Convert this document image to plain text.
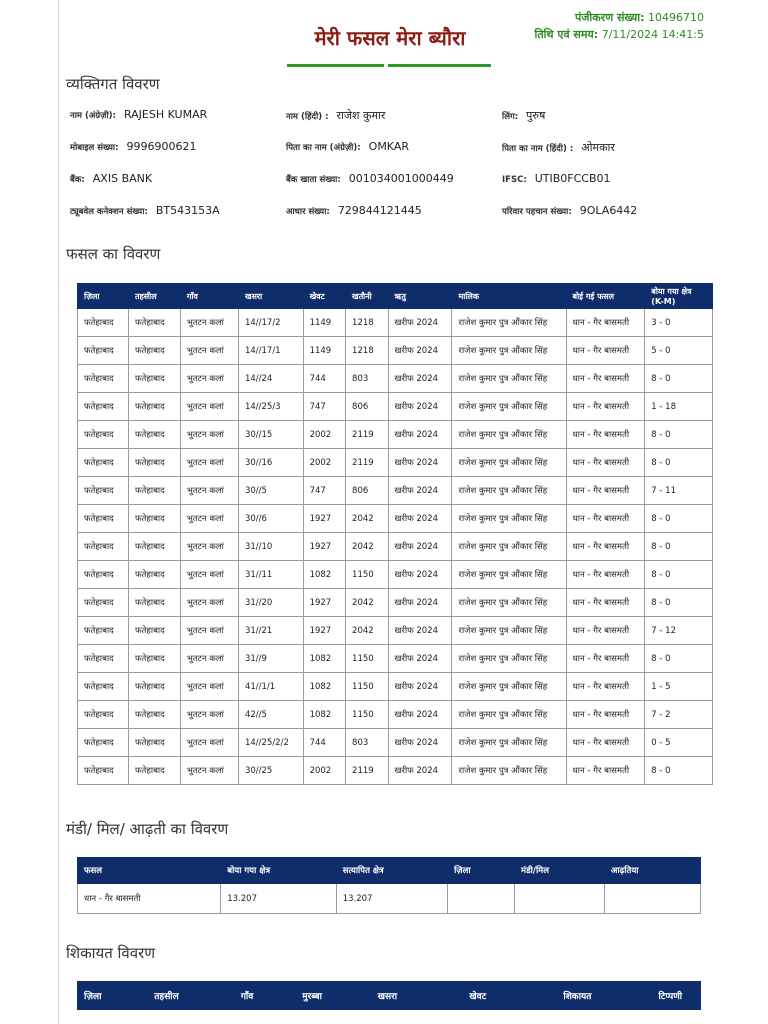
पंजीकरण संख्या: 10496710
तिथि एवं समय: 7/11/2024 14:41:5
मेरी फसल मेरा ब्यौरा
व्यक्तिगत विवरण
नाम (अंग्रेज़ी): RAJESH KUMAR	नाम (हिंदी) : राजेश कुमार	लिंग: पुरुष
मोबाइल संख्या: 9996900621	पिता का नाम (अंग्रेज़ी): OMKAR	पिता का नाम (हिंदी) : ओमकार
बैंक: AXIS BANK	बैंक खाता संख्या: 001034001000449	IFSC: UTIB0FCCB01
ट्यूबवेल कनेक्शन संख्या: BT543153A	आधार संख्या: 729844121445	परिवार पहचान संख्या: 9OLA6442
फसल का विवरण
ज़िला	तहसील	गाँव	खसरा	खेवट	खतौनी	ऋतु	मालिक	बोई गई फसल	बोया गया क्षेत्र (K-M)
फतेहाबाद	फतेहाबाद	भुतटन कलां	14//17/2	1149	1218	खरीफ 2024	राजेश कुमार पुत्र औंकार सिंह	धान - गैर बासमती	3 - 0
फतेहाबाद	फतेहाबाद	भुतटन कलां	14//17/1	1149	1218	खरीफ 2024	राजेश कुमार पुत्र औंकार सिंह	धान - गैर बासमती	5 - 0
फतेहाबाद	फतेहाबाद	भुतटन कलां	14//24	744	803	खरीफ 2024	राजेश कुमार पुत्र औंकार सिंह	धान - गैर बासमती	8 - 0
फतेहाबाद	फतेहाबाद	भुतटन कलां	14//25/3	747	806	खरीफ 2024	राजेश कुमार पुत्र औंकार सिंह	धान - गैर बासमती	1 - 18
फतेहाबाद	फतेहाबाद	भुतटन कलां	30//15	2002	2119	खरीफ 2024	राजेश कुमार पुत्र औंकार सिंह	धान - गैर बासमती	8 - 0
फतेहाबाद	फतेहाबाद	भुतटन कलां	30//16	2002	2119	खरीफ 2024	राजेश कुमार पुत्र औंकार सिंह	धान - गैर बासमती	8 - 0
फतेहाबाद	फतेहाबाद	भुतटन कलां	30//5	747	806	खरीफ 2024	राजेश कुमार पुत्र औंकार सिंह	धान - गैर बासमती	7 - 11
फतेहाबाद	फतेहाबाद	भुतटन कलां	30//6	1927	2042	खरीफ 2024	राजेश कुमार पुत्र औंकार सिंह	धान - गैर बासमती	8 - 0
फतेहाबाद	फतेहाबाद	भुतटन कलां	31//10	1927	2042	खरीफ 2024	राजेश कुमार पुत्र औंकार सिंह	धान - गैर बासमती	8 - 0
फतेहाबाद	फतेहाबाद	भुतटन कलां	31//11	1082	1150	खरीफ 2024	राजेश कुमार पुत्र औंकार सिंह	धान - गैर बासमती	8 - 0
फतेहाबाद	फतेहाबाद	भुतटन कलां	31//20	1927	2042	खरीफ 2024	राजेश कुमार पुत्र औंकार सिंह	धान - गैर बासमती	8 - 0
फतेहाबाद	फतेहाबाद	भुतटन कलां	31//21	1927	2042	खरीफ 2024	राजेश कुमार पुत्र औंकार सिंह	धान - गैर बासमती	7 - 12
फतेहाबाद	फतेहाबाद	भुतटन कलां	31//9	1082	1150	खरीफ 2024	राजेश कुमार पुत्र औंकार सिंह	धान - गैर बासमती	8 - 0
फतेहाबाद	फतेहाबाद	भुतटन कलां	41//1/1	1082	1150	खरीफ 2024	राजेश कुमार पुत्र औंकार सिंह	धान - गैर बासमती	1 - 5
फतेहाबाद	फतेहाबाद	भुतटन कलां	42//5	1082	1150	खरीफ 2024	राजेश कुमार पुत्र औंकार सिंह	धान - गैर बासमती	7 - 2
फतेहाबाद	फतेहाबाद	भुतटन कलां	14//25/2/2	744	803	खरीफ 2024	राजेश कुमार पुत्र औंकार सिंह	धान - गैर बासमती	0 - 5
फतेहाबाद	फतेहाबाद	भुतटन कलां	30//25	2002	2119	खरीफ 2024	राजेश कुमार पुत्र औंकार सिंह	धान - गैर बासमती	8 - 0
मंडी/ मिल/ आढ़ती का विवरण
फसल	बोया गया क्षेत्र	सत्यापित क्षेत्र	ज़िला	मंडी/मिल	आढ़तिया
धान - गैर बासमती	13.207	13.207			
शिकायत विवरण
ज़िला	तहसील	गाँव	मुरब्बा	खसरा	खेवट	शिकायत	टिप्पणी
